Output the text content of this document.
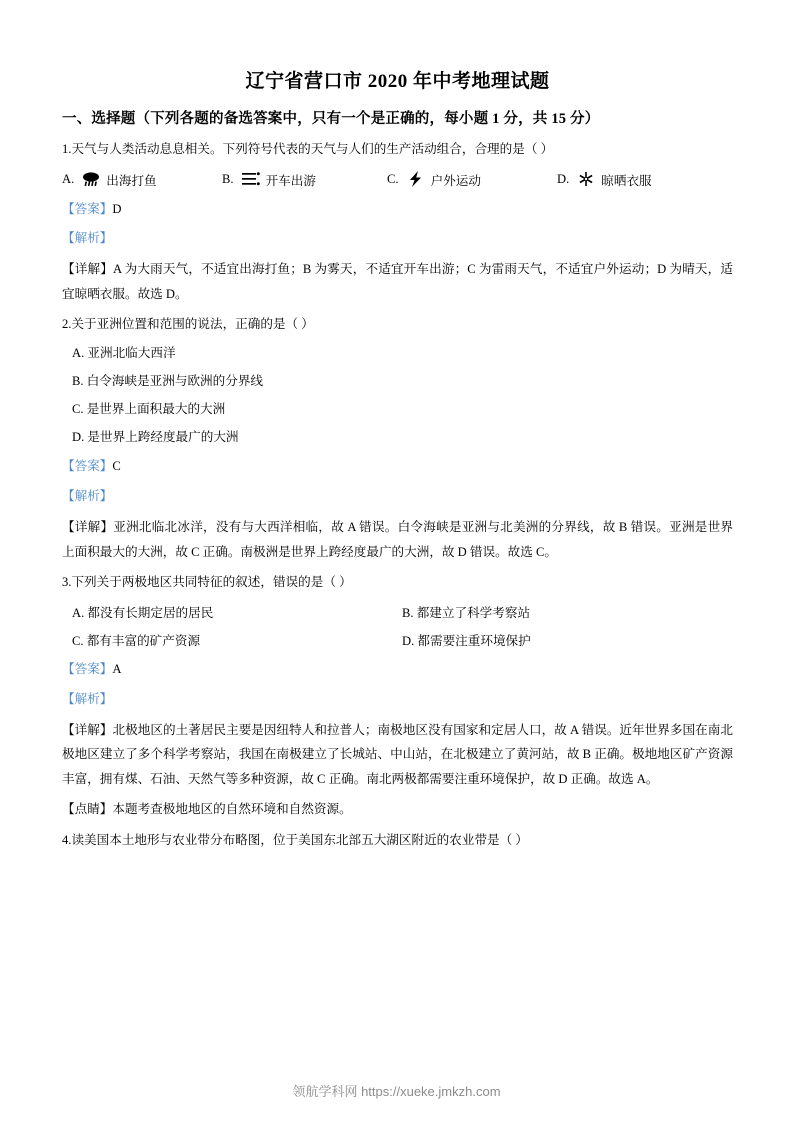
辽宁省营口市 2020 年中考地理试题
一、选择题（下列各题的备选答案中，只有一个是正确的，每小题 1 分，共 15 分）
1.天气与人类活动息息相关。下列符号代表的天气与人们的生产活动组合，合理的是（ ）
A.	出海打鱼	B.	开车出游	C.	户外运动	D.	晾晒衣服
【答案】D
【解析】
【详解】A 为大雨天气，不适宜出海打鱼；B 为雾天，不适宜开车出游；C 为雷雨天气，不适宜户外运动；D 为晴天，适宜晾晒衣服。故选 D。
2.关于亚洲位置和范围的说法，正确的是（ ）
A. 亚洲北临大西洋
B. 白令海峡是亚洲与欧洲的分界线
C. 是世界上面积最大的大洲
D. 是世界上跨经度最广的大洲
【答案】C
【解析】
【详解】亚洲北临北冰洋，没有与大西洋相临，故 A 错误。白令海峡是亚洲与北美洲的分界线，故 B 错误。亚洲是世界上面积最大的大洲，故 C 正确。南极洲是世界上跨经度最广的大洲，故 D 错误。故选 C。
3.下列关于两极地区共同特征的叙述，错误的是（ ）
A. 都没有长期定居的居民	B. 都建立了科学考察站
C. 都有丰富的矿产资源	D. 都需要注重环境保护
【答案】A
【解析】
【详解】北极地区的土著居民主要是因纽特人和拉普人；南极地区没有国家和定居人口，故 A 错误。近年世界多国在南北极地区建立了多个科学考察站，我国在南极建立了长城站、中山站，在北极建立了黄河站，故 B 正确。极地地区矿产资源丰富，拥有煤、石油、天然气等多种资源，故 C 正确。南北两极都需要注重环境保护，故 D 正确。故选 A。
【点睛】本题考查极地地区的自然环境和自然资源。
4.读美国本土地形与农业带分布略图，位于美国东北部五大湖区附近的农业带是（ ）
领航学科网 https://xueke.jmkzh.com
